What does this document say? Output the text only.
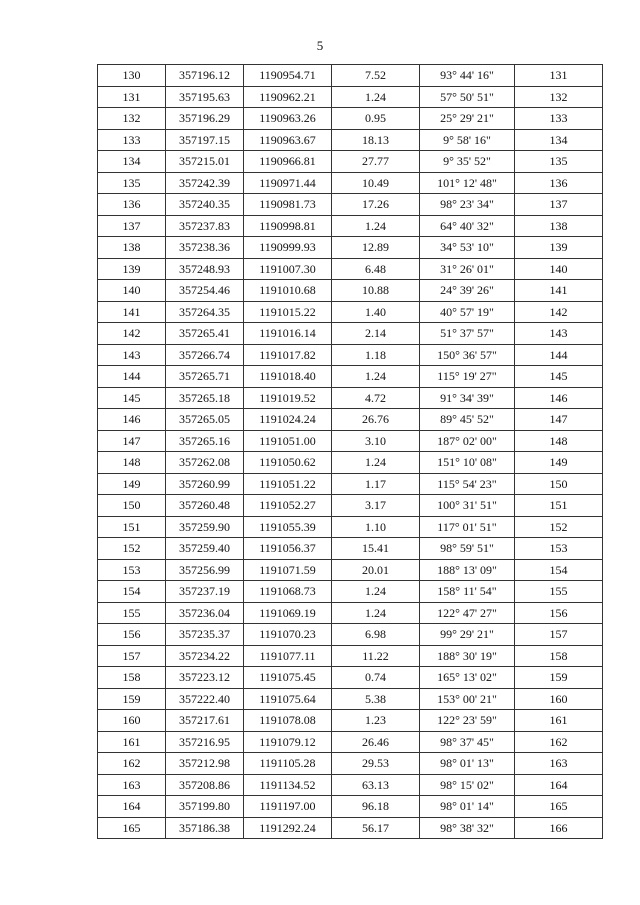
5
130	357196.12	1190954.71	7.52	93° 44' 16"	131
131	357195.63	1190962.21	1.24	57° 50' 51"	132
132	357196.29	1190963.26	0.95	25° 29' 21"	133
133	357197.15	1190963.67	18.13	9° 58' 16"	134
134	357215.01	1190966.81	27.77	9° 35' 52"	135
135	357242.39	1190971.44	10.49	101° 12' 48"	136
136	357240.35	1190981.73	17.26	98° 23' 34"	137
137	357237.83	1190998.81	1.24	64° 40' 32"	138
138	357238.36	1190999.93	12.89	34° 53' 10"	139
139	357248.93	1191007.30	6.48	31° 26' 01"	140
140	357254.46	1191010.68	10.88	24° 39' 26"	141
141	357264.35	1191015.22	1.40	40° 57' 19"	142
142	357265.41	1191016.14	2.14	51° 37' 57"	143
143	357266.74	1191017.82	1.18	150° 36' 57"	144
144	357265.71	1191018.40	1.24	115° 19' 27"	145
145	357265.18	1191019.52	4.72	91° 34' 39"	146
146	357265.05	1191024.24	26.76	89° 45' 52"	147
147	357265.16	1191051.00	3.10	187° 02' 00"	148
148	357262.08	1191050.62	1.24	151° 10' 08"	149
149	357260.99	1191051.22	1.17	115° 54' 23"	150
150	357260.48	1191052.27	3.17	100° 31' 51"	151
151	357259.90	1191055.39	1.10	117° 01' 51"	152
152	357259.40	1191056.37	15.41	98° 59' 51"	153
153	357256.99	1191071.59	20.01	188° 13' 09"	154
154	357237.19	1191068.73	1.24	158° 11' 54"	155
155	357236.04	1191069.19	1.24	122° 47' 27"	156
156	357235.37	1191070.23	6.98	99° 29' 21"	157
157	357234.22	1191077.11	11.22	188° 30' 19"	158
158	357223.12	1191075.45	0.74	165° 13' 02"	159
159	357222.40	1191075.64	5.38	153° 00' 21"	160
160	357217.61	1191078.08	1.23	122° 23' 59"	161
161	357216.95	1191079.12	26.46	98° 37' 45"	162
162	357212.98	1191105.28	29.53	98° 01' 13"	163
163	357208.86	1191134.52	63.13	98° 15' 02"	164
164	357199.80	1191197.00	96.18	98° 01' 14"	165
165	357186.38	1191292.24	56.17	98° 38' 32"	166
